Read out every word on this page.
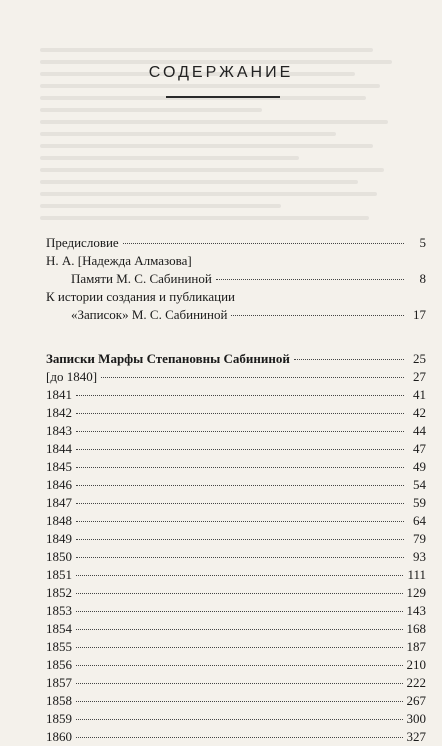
СОДЕРЖАНИЕ
Предисловие	5
Н. А. [Надежда Алмазова]
Памяти М. С. Сабининой	8
К истории создания и публикации
«Записок» М. С. Сабининой	17
Записки Марфы Степановны Сабининой	25
[до 1840]	27
1841	41
1842	42
1843	44
1844	47
1845	49
1846	54
1847	59
1848	64
1849	79
1850	93
1851	111
1852	129
1853	143
1854	168
1855	187
1856	210
1857	222
1858	267
1859	300
1860	327
